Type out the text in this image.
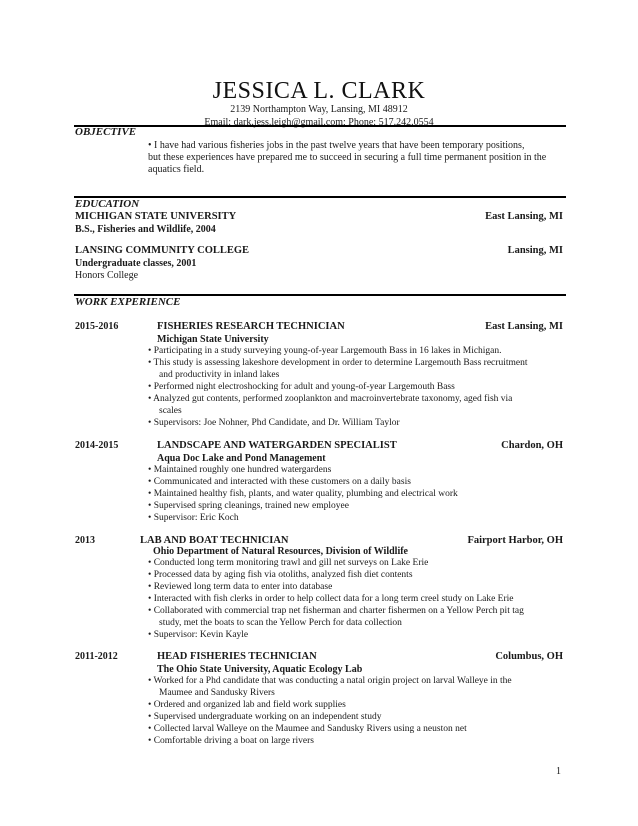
JESSICA L. CLARK
2139 Northampton Way, Lansing, MI 48912
Email: dark.jess.leigh@gmail.com; Phone: 517.242.0554
OBJECTIVE
• I have had various fisheries jobs in the past twelve years that have been temporary positions,
but these experiences have prepared me to succeed in securing a full time permanent position in the
aquatics field.
EDUCATION
MICHIGAN STATE UNIVERSITY	East Lansing, MI
B.S., Fisheries and Wildlife, 2004
LANSING COMMUNITY COLLEGE	Lansing, MI
Undergraduate classes, 2001
Honors College
WORK EXPERIENCE
2015-2016	FISHERIES RESEARCH TECHNICIAN	East Lansing, MI
Michigan State University
• Participating in a study surveying young-of-year Largemouth Bass in 16 lakes in Michigan.
• This study is assessing lakeshore development in order to determine Largemouth Bass recruitment
and productivity in inland lakes
• Performed night electroshocking for adult and young-of-year Largemouth Bass
• Analyzed gut contents, performed zooplankton and macroinvertebrate taxonomy, aged fish via
scales
• Supervisors: Joe Nohner, Phd Candidate, and Dr. William Taylor
2014-2015	LANDSCAPE AND WATERGARDEN SPECIALIST	Chardon, OH
Aqua Doc Lake and Pond Management
• Maintained roughly one hundred watergardens
• Communicated and interacted with these customers on a daily basis
• Maintained healthy fish, plants, and water quality, plumbing and electrical work
• Supervised spring cleanings, trained new employee
• Supervisor: Eric Koch
2013	LAB AND BOAT TECHNICIAN	Fairport Harbor, OH
Ohio Department of Natural Resources, Division of Wildlife
• Conducted long term monitoring trawl and gill net surveys on Lake Erie
• Processed data by aging fish via otoliths, analyzed fish diet contents
• Reviewed long term data to enter into database
• Interacted with fish clerks in order to help collect data for a long term creel study on Lake Erie
• Collaborated with commercial trap net fisherman and charter fishermen on a Yellow Perch pit tag
study, met the boats to scan the Yellow Perch for data collection
• Supervisor: Kevin Kayle
2011-2012	HEAD FISHERIES TECHNICIAN	Columbus, OH
The Ohio State University, Aquatic Ecology Lab
• Worked for a Phd candidate that was conducting a natal origin project on larval Walleye in the
Maumee and Sandusky Rivers
• Ordered and organized lab and field work supplies
• Supervised undergraduate working on an independent study
• Collected larval Walleye on the Maumee and Sandusky Rivers using a neuston net
• Comfortable driving a boat on large rivers
1
